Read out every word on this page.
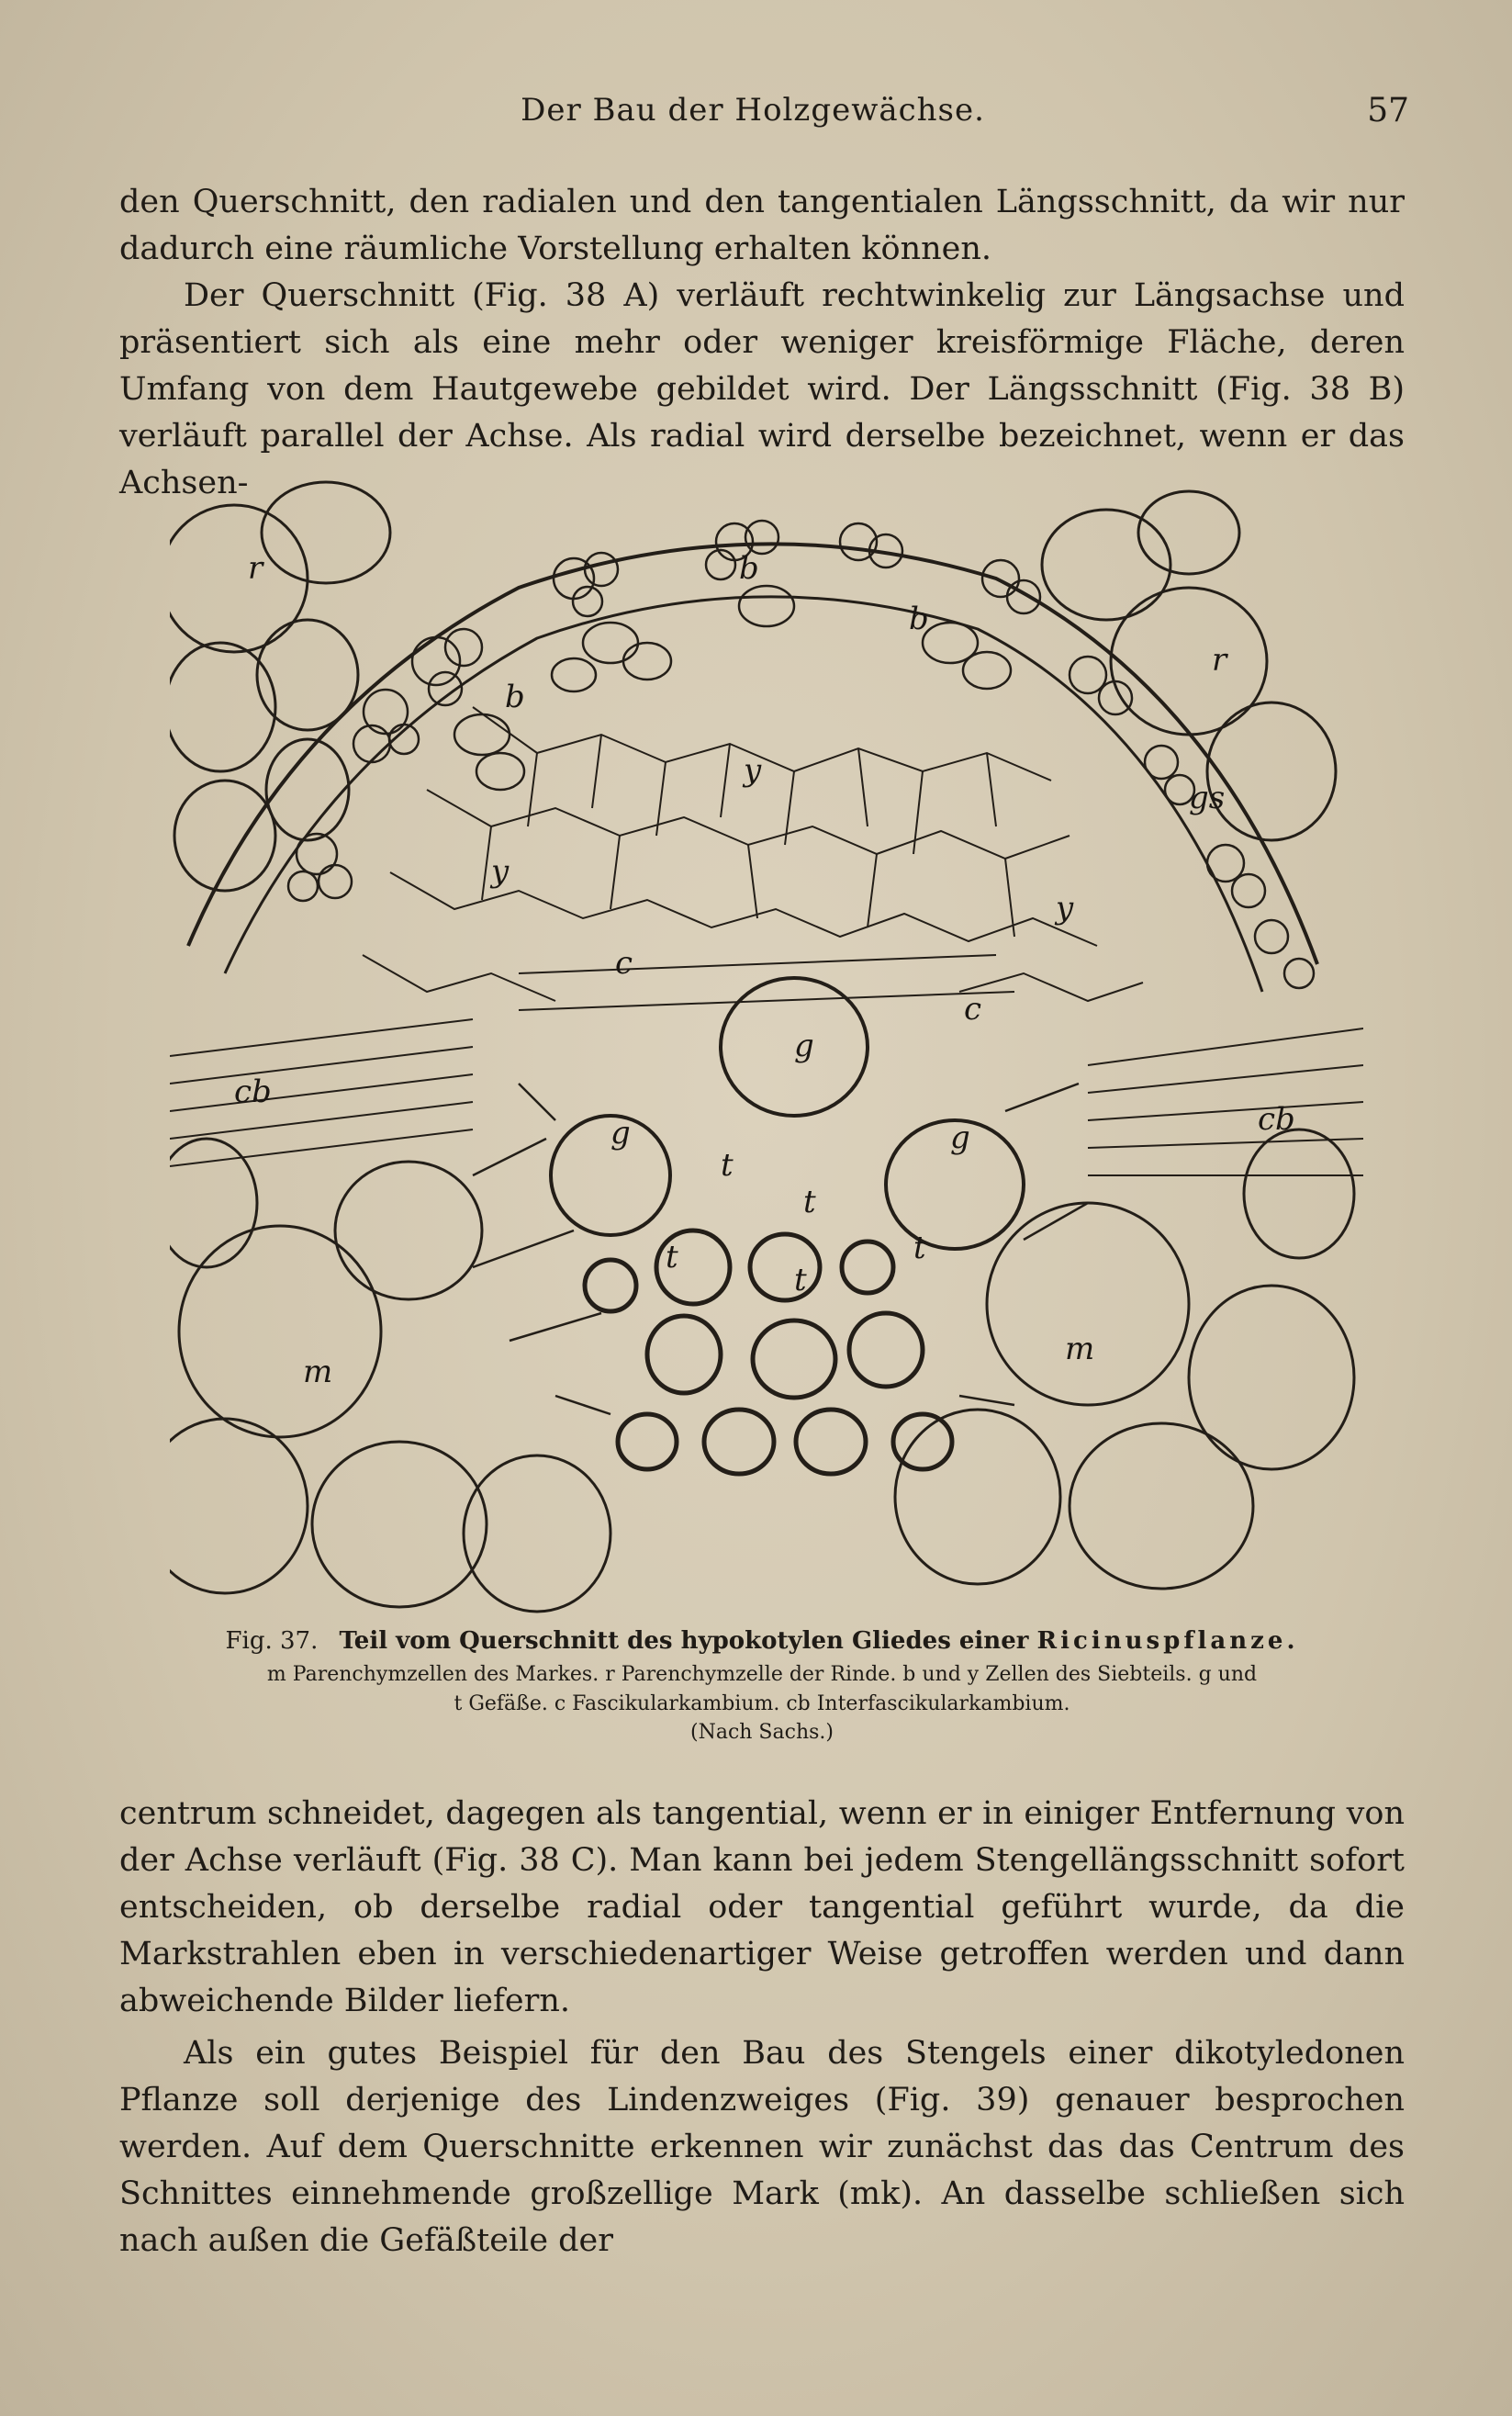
Der Bau der Holzgewächse.	57

den Querschnitt, den radialen und den tangentialen Längsschnitt, da wir nur dadurch eine räumliche Vorstellung erhalten können.

Der Querschnitt (Fig. 38 A) verläuft rechtwinkelig zur Längsachse und präsentiert sich als eine mehr oder weniger kreisförmige Fläche, deren Umfang von dem Hautgewebe gebildet wird. Der Längsschnitt (Fig. 38 B) verläuft parallel der Achse. Als radial wird derselbe bezeichnet, wenn er das Achsen-

r
r
b
b
b
y
y
y
gs
c
c
cb
cb
g
g	g
t
t
t
t
t
m
m

Fig. 37. Teil vom Querschnitt des hypokotylen Gliedes einer Ricinuspflanze.

m Parenchymzellen des Markes. r Parenchymzelle der Rinde. b und y Zellen des Siebteils. g und

t Gefäße. c Fascikularkambium. cb Interfascikularkambium.

(Nach Sachs.)

centrum schneidet, dagegen als tangential, wenn er in einiger Entfernung von der Achse verläuft (Fig. 38 C). Man kann bei jedem Stengellängsschnitt sofort entscheiden, ob derselbe radial oder tangential geführt wurde, da die Markstrahlen eben in verschiedenartiger Weise getroffen werden und dann abweichende Bilder liefern.

Als ein gutes Beispiel für den Bau des Stengels einer dikotyledonen Pflanze soll derjenige des Lindenzweiges (Fig. 39) genauer besprochen werden. Auf dem Querschnitte erkennen wir zunächst das das Centrum des Schnittes einnehmende großzellige Mark (mk). An dasselbe schließen sich nach außen die Gefäßteile der
